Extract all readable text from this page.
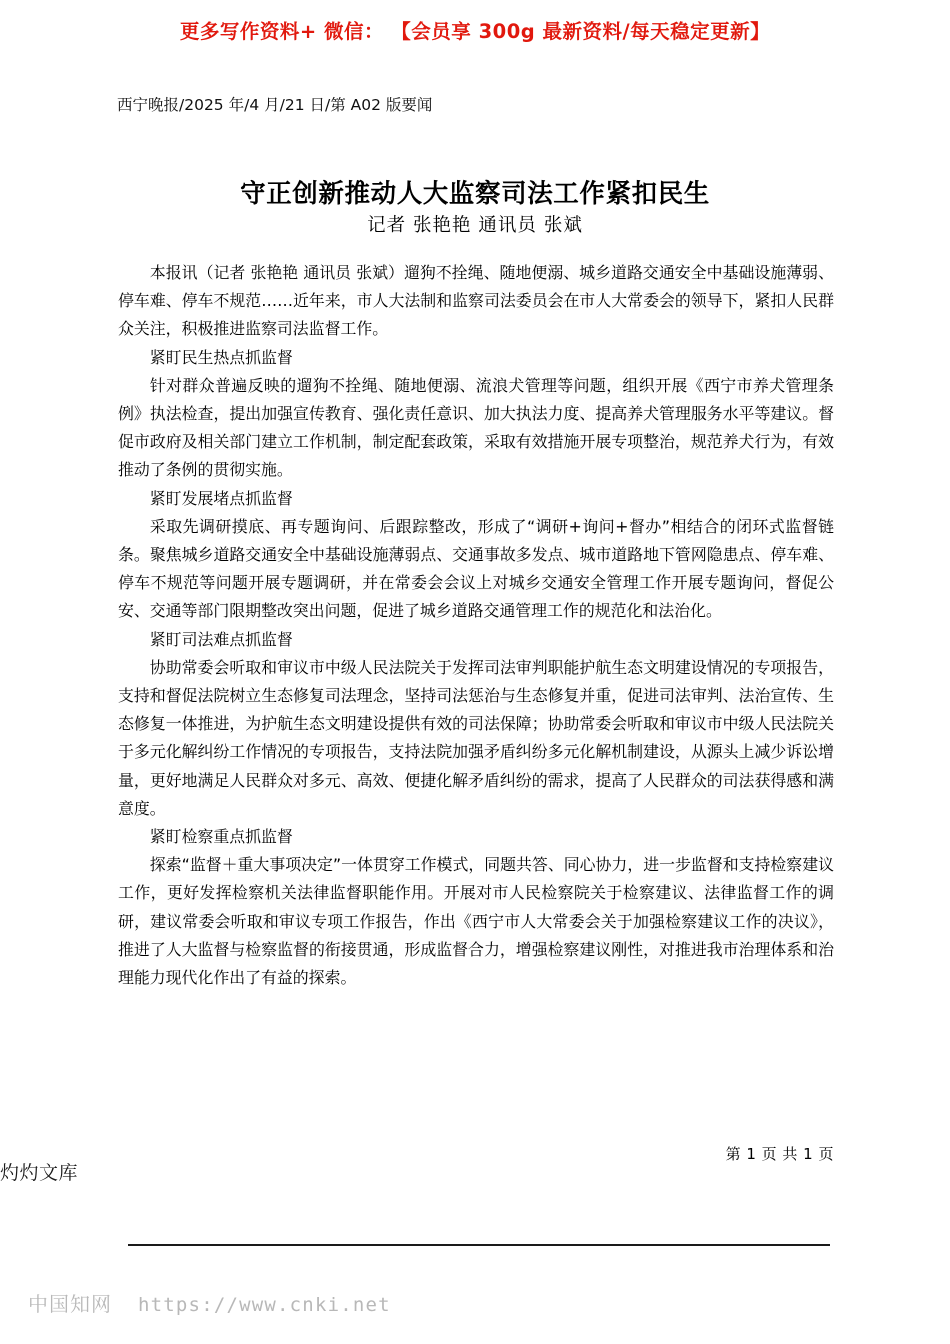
更多写作资料+ 微信： 【会员享 300g 最新资料/每天稳定更新】
西宁晚报/2025 年/4 月/21 日/第 A02 版要闻
守正创新推动人大监察司法工作紧扣民生
记者 张艳艳 通讯员 张斌

本报讯（记者 张艳艳 通讯员 张斌）遛狗不拴绳、随地便溺、城乡道路交通安全中基础设施薄弱、停车难、停车不规范……近年来，市人大法制和监察司法委员会在市人大常委会的领导下，紧扣人民群众关注，积极推进监察司法监督工作。

紧盯民生热点抓监督

针对群众普遍反映的遛狗不拴绳、随地便溺、流浪犬管理等问题，组织开展《西宁市养犬管理条例》执法检查，提出加强宣传教育、强化责任意识、加大执法力度、提高养犬管理服务水平等建议。督促市政府及相关部门建立工作机制，制定配套政策，采取有效措施开展专项整治，规范养犬行为，有效推动了条例的贯彻实施。

紧盯发展堵点抓监督

采取先调研摸底、再专题询问、后跟踪整改，形成了“调研+询问+督办”相结合的闭环式监督链条。聚焦城乡道路交通安全中基础设施薄弱点、交通事故多发点、城市道路地下管网隐患点、停车难、停车不规范等问题开展专题调研，并在常委会会议上对城乡交通安全管理工作开展专题询问，督促公安、交通等部门限期整改突出问题，促进了城乡道路交通管理工作的规范化和法治化。

紧盯司法难点抓监督

协助常委会听取和审议市中级人民法院关于发挥司法审判职能护航生态文明建设情况的专项报告，支持和督促法院树立生态修复司法理念，坚持司法惩治与生态修复并重，促进司法审判、法治宣传、生态修复一体推进，为护航生态文明建设提供有效的司法保障；协助常委会听取和审议市中级人民法院关于多元化解纠纷工作情况的专项报告，支持法院加强矛盾纠纷多元化解机制建设，从源头上减少诉讼增量，更好地满足人民群众对多元、高效、便捷化解矛盾纠纷的需求，提高了人民群众的司法获得感和满意度。

紧盯检察重点抓监督

探索“监督＋重大事项决定”一体贯穿工作模式，同题共答、同心协力，进一步监督和支持检察建议工作，更好发挥检察机关法律监督职能作用。开展对市人民检察院关于检察建议、法律监督工作的调研，建议常委会听取和审议专项工作报告，作出《西宁市人大常委会关于加强检察建议工作的决议》，推进了人大监督与检察监督的衔接贯通，形成监督合力，增强检察建议刚性，对推进我市治理体系和治理能力现代化作出了有益的探索。

第 1 页 共 1 页
灼灼文库
中国知网 https://www.cnki.net
